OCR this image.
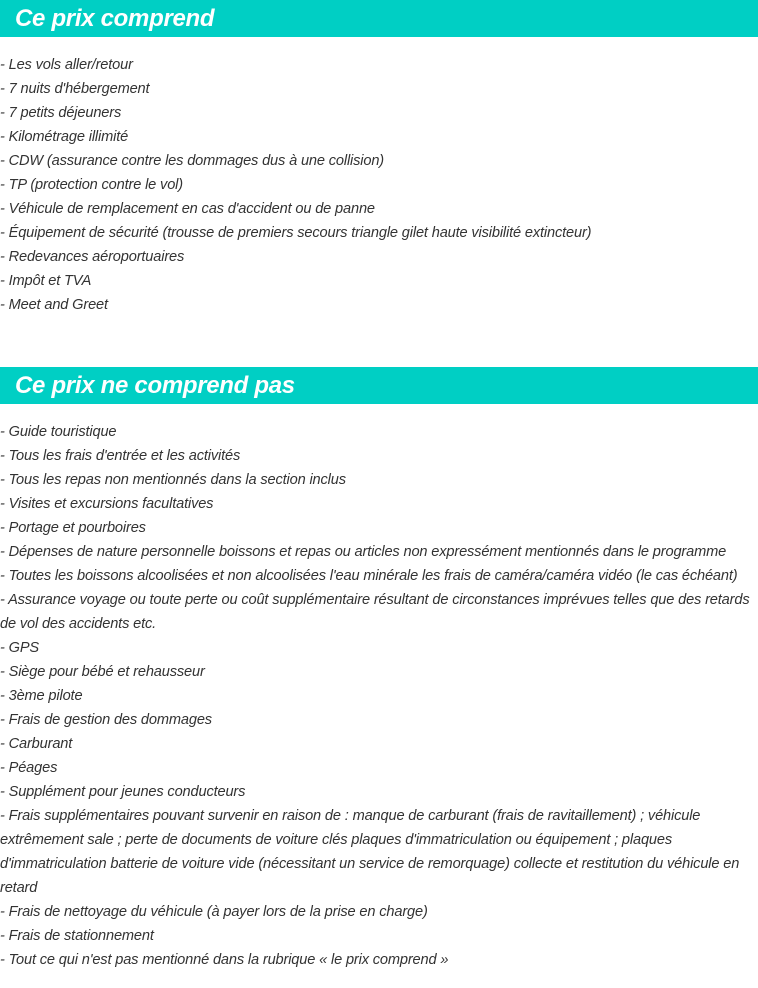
Ce prix comprend
- Les vols aller/retour
- 7 nuits d'hébergement
- 7 petits déjeuners
- Kilométrage illimité
- CDW (assurance contre les dommages dus à une collision)
- TP (protection contre le vol)
- Véhicule de remplacement en cas d'accident ou de panne
- Équipement de sécurité (trousse de premiers secours triangle gilet haute visibilité extincteur)
- Redevances aéroportuaires
- Impôt et TVA
- Meet and Greet
Ce prix ne comprend pas
- Guide touristique
- Tous les frais d'entrée et les activités
- Tous les repas non mentionnés dans la section inclus
- Visites et excursions facultatives
- Portage et pourboires
- Dépenses de nature personnelle boissons et repas ou articles non expressément mentionnés dans le programme
- Toutes les boissons alcoolisées et non alcoolisées l'eau minérale les frais de caméra/caméra vidéo (le cas échéant)
- Assurance voyage ou toute perte ou coût supplémentaire résultant de circonstances imprévues telles que des retards de vol des accidents etc.
- GPS
- Siège pour bébé et rehausseur
- 3ème pilote
- Frais de gestion des dommages
- Carburant
- Péages
- Supplément pour jeunes conducteurs
- Frais supplémentaires pouvant survenir en raison de : manque de carburant (frais de ravitaillement) ; véhicule extrêmement sale ; perte de documents de voiture clés plaques d'immatriculation ou équipement ; plaques d'immatriculation batterie de voiture vide (nécessitant un service de remorquage) collecte et restitution du véhicule en retard
- Frais de nettoyage du véhicule (à payer lors de la prise en charge)
- Frais de stationnement
- Tout ce qui n'est pas mentionné dans la rubrique « le prix comprend »
